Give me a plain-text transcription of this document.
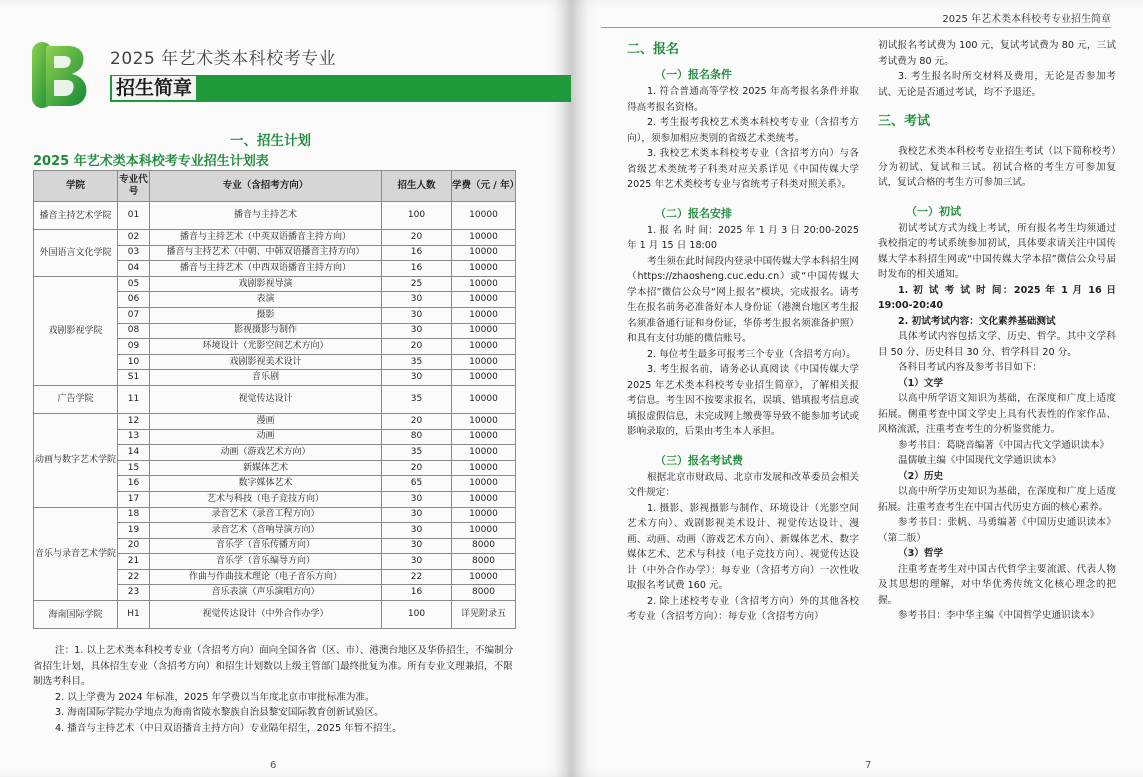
2025 年艺术类本科校考专业
招生简章
一、招生计划
2025 年艺术类本科校考专业招生计划表
学院	专业代号	专业（含招考方向）	招生人数	学费（元 / 年）
播音主持艺术学院	01	播音与主持艺术	100	10000
外国语言文化学院	02	播音与主持艺术（中英双语播音主持方向）	20	10000
	03	播音与主持艺术（中朝、中韩双语播音主持方向）	16	10000
	04	播音与主持艺术（中西双语播音主持方向）	16	10000
戏剧影视学院	05	戏剧影视导演	25	10000
	06	表演	30	10000
	07	摄影	30	10000
	08	影视摄影与制作	30	10000
	09	环境设计（光影空间艺术方向）	20	10000
	10	戏剧影视美术设计	35	10000
	S1	音乐剧	30	10000
广告学院	11	视觉传达设计	35	10000
动画与数字艺术学院	12	漫画	20	10000
	13	动画	80	10000
	14	动画（游戏艺术方向）	35	10000
	15	新媒体艺术	20	10000
	16	数字媒体艺术	65	10000
	17	艺术与科技（电子竞技方向）	30	10000
音乐与录音艺术学院	18	录音艺术（录音工程方向）	30	10000
	19	录音艺术（音响导演方向）	30	10000
	20	音乐学（音乐传播方向）	30	8000
	21	音乐学（音乐编导方向）	30	8000
	22	作曲与作曲技术理论（电子音乐方向）	22	10000
	23	音乐表演（声乐演唱方向）	16	8000
海南国际学院	H1	视觉传达设计（中外合作办学）	100	详见附录五

注：1. 以上艺术类本科校考专业（含招考方向）面向全国各省（区、市）、港澳台地区及华侨招生，不编制分省招生计划，具体招生专业（含招考方向）和招生计划数以上级主管部门最终批复为准。所有专业文理兼招，不限制选考科目。

2. 以上学费为 2024 年标准，2025 年学费以当年度北京市审批标准为准。

3. 海南国际学院办学地点为海南省陵水黎族自治县黎安国际教育创新试验区。

4. 播音与主持艺术（中日双语播音主持方向）专业隔年招生，2025 年暂不招生。

6
2025 年艺术类本科校考专业招生简章

二、报名

（一）报名条件

1. 符合普通高等学校 2025 年高考报名条件并取得高考报名资格。

2. 考生报考我校艺术类本科校考专业（含招考方向），须参加相应类别的省级艺术类统考。

3. 我校艺术类本科校考专业（含招考方向）与各省级艺术类统考子科类对应关系详见《中国传媒大学 2025 年艺术类校考专业与省统考子科类对照关系》。

（二）报名安排

1. 报 名 时 间：2025 年 1 月 3 日 20:00-2025 年 1 月 15 日 18:00

考生须在此时间段内登录中国传媒大学本科招生网（https://zhaosheng.cuc.edu.cn）或“中国传媒大学本招”微信公众号“网上报名”模块，完成报名。请考生在报名前务必准备好本人身份证（港澳台地区考生报名须准备通行证和身份证，华侨考生报名须准备护照）和具有支付功能的微信账号。

2. 每位考生最多可报考三个专业（含招考方向）。

3. 考生报名前，请务必认真阅读《中国传媒大学 2025 年艺术类本科校考专业招生简章》，了解相关报考信息。考生因不按要求报名，误填、错填报考信息或填报虚假信息，未完成网上缴费等导致不能参加考试或影响录取的，后果由考生本人承担。

（三）报名考试费

根据北京市财政局、北京市发展和改革委员会相关文件规定：

1. 摄影、影视摄影与制作、环境设计（光影空间艺术方向）、戏剧影视美术设计、视觉传达设计、漫画、动画、动画（游戏艺术方向）、新媒体艺术、数字媒体艺术、艺术与科技（电子竞技方向）、视觉传达设计（中外合作办学）：每专业（含招考方向）一次性收取报名考试费 160 元。

2. 除上述校考专业（含招考方向）外的其他各校考专业（含招考方向）：每专业（含招考方向）

初试报名考试费为 100 元，复试考试费为 80 元，三试考试费为 80 元。

3. 考生报名时所交材料及费用，无论是否参加考试、无论是否通过考试，均不予退还。

三、考试

我校艺术类本科校考专业招生考试（以下简称校考）分为初试、复试和三试。初试合格的考生方可参加复试，复试合格的考生方可参加三试。

（一）初试

初试考试方式为线上考试，所有报名考生均须通过我校指定的考试系统参加初试，具体要求请关注中国传媒大学本科招生网或“中国传媒大学本招”微信公众号届时发布的相关通知。

1. 初 试 考 试 时 间：2025 年 1 月 16 日 19:00-20:40

2. 初试考试内容：文化素养基础测试

具体考试内容包括文学、历史、哲学。其中文学科目 50 分、历史科目 30 分、哲学科目 20 分。

各科目考试内容及参考书目如下：

（1）文学

以高中所学语文知识为基础，在深度和广度上适度拓展。侧重考查中国文学史上具有代表性的作家作品、风格流派，注重考查考生的分析鉴赏能力。

参考书目：葛晓音编著《中国古代文学通识读本》

温儒敏主编《中国现代文学通识读本》

（2）历史

以高中所学历史知识为基础，在深度和广度上适度拓展。注重考查考生在中国古代历史方面的核心素养。

参考书目：张帆、马勇编著《中国历史通识读本》（第二版）

（3）哲学

注重考查考生对中国古代哲学主要流派、代表人物及其思想的理解，对中华优秀传统文化核心理念的把握。

参考书目：李中华主编《中国哲学史通识读本》

7
